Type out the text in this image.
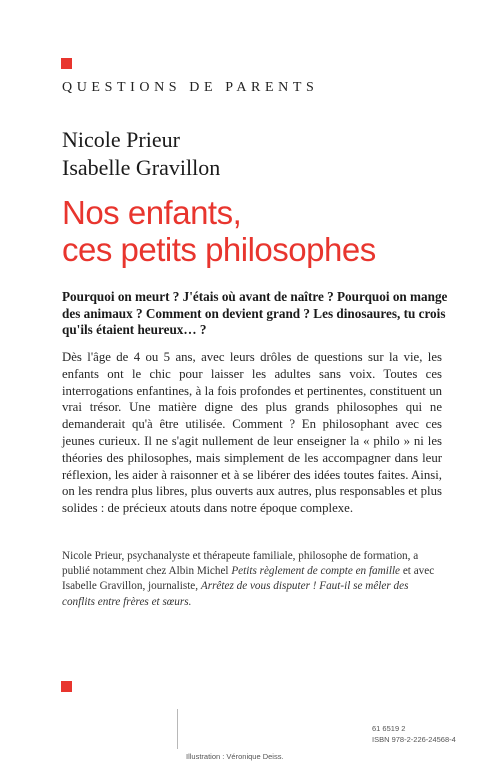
QUESTIONS DE PARENTS
Nicole Prieur
Isabelle Gravillon
Nos enfants,
ces petits philosophes
Pourquoi on meurt ? J'étais où avant de naître ? Pourquoi on mange des animaux ? Comment on devient grand ? Les dinosaures, tu crois qu'ils étaient heureux… ?
Dès l'âge de 4 ou 5 ans, avec leurs drôles de questions sur la vie, les enfants ont le chic pour laisser les adultes sans voix. Toutes ces interrogations enfantines, à la fois profondes et pertinentes, constituent un vrai trésor. Une matière digne des plus grands philosophes qui ne demanderait qu'à être utilisée. Comment ? En philosophant avec ces jeunes curieux. Il ne s'agit nullement de leur enseigner la « philo » ni les théories des philosophes, mais simplement de les accompagner dans leur réflexion, les aider à raisonner et à se libérer des idées toutes faites. Ainsi, on les rendra plus libres, plus ouverts aux autres, plus responsables et plus solides : de précieux atouts dans notre époque complexe.
Nicole Prieur, psychanalyste et thérapeute familiale, philosophe de formation, a publié notamment chez Albin Michel Petits règlement de compte en famille et avec Isabelle Gravillon, journaliste, Arrêtez de vous disputer ! Faut-il se mêler des conflits entre frères et sœurs.
61 6519 2
ISBN 978-2-226-24568-4
Illustration : Véronique Deiss.
